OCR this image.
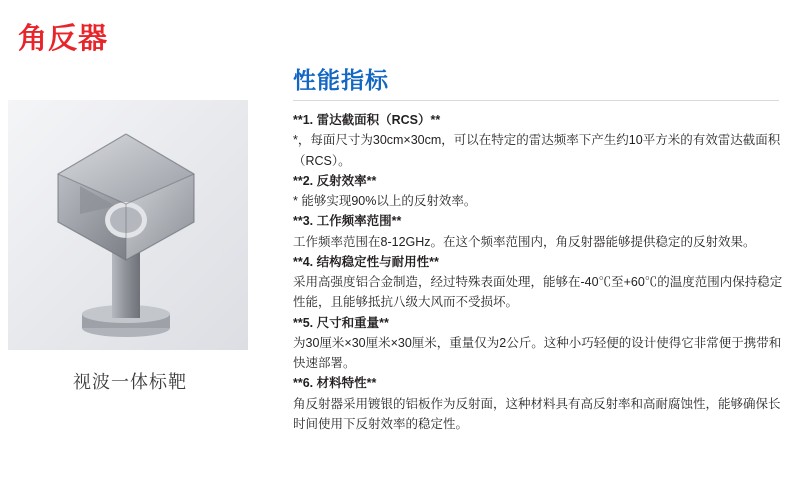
角反器
视波一体标靶
性能指标

**1. 雷达截面积（RCS）**

*，每面尺寸为30cm×30cm，可以在特定的雷达频率下产生约10平方米的有效雷达截面积（RCS）。

**2. 反射效率**

* 能够实现90%以上的反射效率。

**3. 工作频率范围**

工作频率范围在8-12GHz。在这个频率范围内，角反射器能够提供稳定的反射效果。

**4. 结构稳定性与耐用性**

采用高强度铝合金制造，经过特殊表面处理，能够在-40℃至+60℃的温度范围内保持稳定性能，且能够抵抗八级大风而不受损坏。

**5. 尺寸和重量**

为30厘米×30厘米×30厘米，重量仅为2公斤。这种小巧轻便的设计使得它非常便于携带和快速部署。

**6. 材料特性**

角反射器采用镀银的铝板作为反射面，这种材料具有高反射率和高耐腐蚀性，能够确保长时间使用下反射效率的稳定性。
